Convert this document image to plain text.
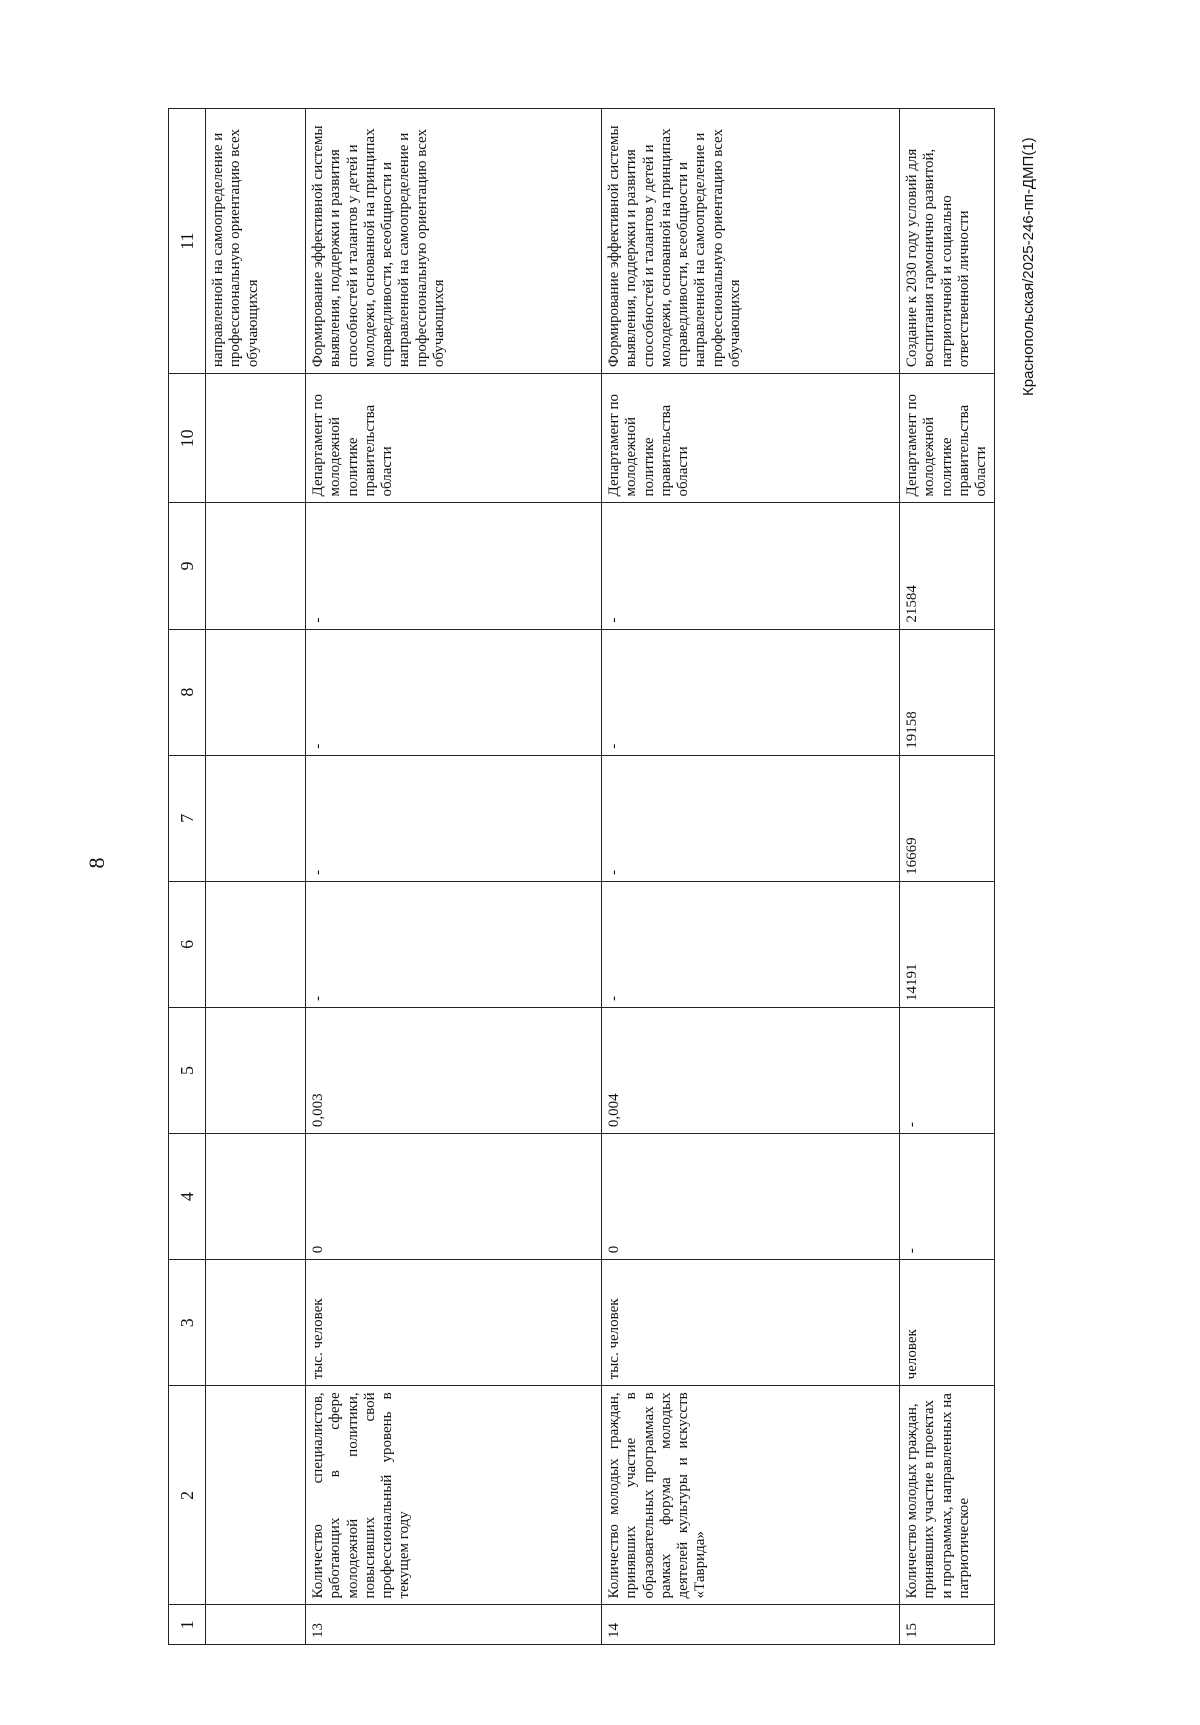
8
Краснопольская/2025-246-пп-ДМП(1)
1	2	3	4	5	6	7	8	9	10	11
										направленной на самоопределение и профессиональную ориентацию всех обучающихся
13	Количество специалистов, работающих в сфере молодежной политики, повысивших свой профессиональный уровень в текущем году	тыс. человек	0	0,003	-	-	-	-	Департамент по молодежной политике правительства области	Формирование эффективной системы выявления, поддержки и развития способностей и талантов у детей и молодежи, основанной на принципах справедливости, всеобщности и направленной на самоопределение и профессиональную ориентацию всех обучающихся
14	Количество молодых граждан, принявших участие в образовательных программах в рамках форума молодых деятелей культуры и искусств «Таврида»	тыс. человек	0	0,004	-	-	-	-	Департамент по молодежной политике правительства области	Формирование эффективной системы выявления, поддержки и развития способностей и талантов у детей и молодежи, основанной на принципах справедливости, всеобщности и направленной на самоопределение и профессиональную ориентацию всех обучающихся
15	Количество молодых граждан, принявших участие в проектах и программах, направленных на патриотическое	человек	-	-	14191	16669	19158	21584	Департамент по молодежной политике правительства области	Создание к 2030 году условий для воспитания гармонично развитой, патриотичной и социально ответственной личности
